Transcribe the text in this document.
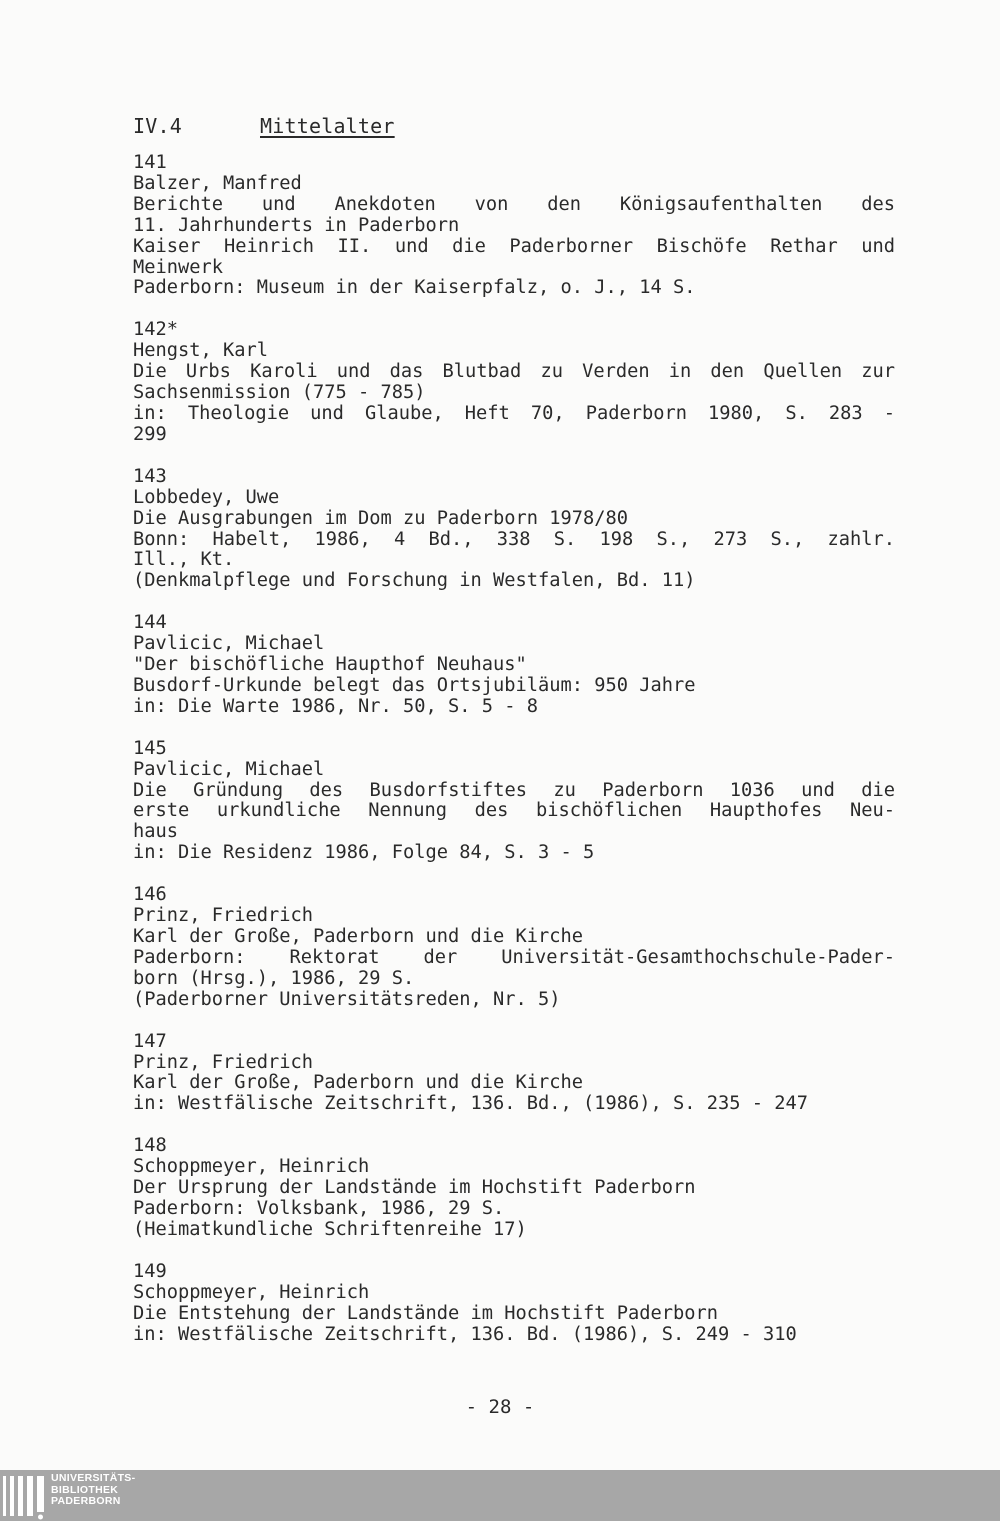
IV.4	Mittelalter
141
Balzer, Manfred
Berichte und Anekdoten von den Königsaufenthalten des
11. Jahrhunderts in Paderborn
Kaiser Heinrich II. und die Paderborner Bischöfe Rethar und
Meinwerk
Paderborn: Museum in der Kaiserpfalz, o. J., 14 S.
142*
Hengst, Karl
Die Urbs Karoli und das Blutbad zu Verden in den Quellen zur
Sachsenmission (775 - 785)
in: Theologie und Glaube, Heft 70, Paderborn 1980, S. 283 -
299
143
Lobbedey, Uwe
Die Ausgrabungen im Dom zu Paderborn 1978/80
Bonn: Habelt, 1986, 4 Bd., 338 S. 198 S., 273 S., zahlr.
Ill., Kt.
(Denkmalpflege und Forschung in Westfalen, Bd. 11)
144
Pavlicic, Michael
"Der bischöfliche Haupthof Neuhaus"
Busdorf-Urkunde belegt das Ortsjubiläum: 950 Jahre
in: Die Warte 1986, Nr. 50, S. 5 - 8
145
Pavlicic, Michael
Die Gründung des Busdorfstiftes zu Paderborn 1036 und die
erste urkundliche Nennung des bischöflichen Haupthofes Neu-
haus
in: Die Residenz 1986, Folge 84, S. 3 - 5
146
Prinz, Friedrich
Karl der Große, Paderborn und die Kirche
Paderborn: Rektorat der Universität-Gesamthochschule-Pader-
born (Hrsg.), 1986, 29 S.
(Paderborner Universitätsreden, Nr. 5)
147
Prinz, Friedrich
Karl der Große, Paderborn und die Kirche
in: Westfälische Zeitschrift, 136. Bd., (1986), S. 235 - 247
148
Schoppmeyer, Heinrich
Der Ursprung der Landstände im Hochstift Paderborn
Paderborn: Volksbank, 1986, 29 S.
(Heimatkundliche Schriftenreihe 17)
149
Schoppmeyer, Heinrich
Die Entstehung der Landstände im Hochstift Paderborn
in: Westfälische Zeitschrift, 136. Bd. (1986), S. 249 - 310
- 28 -
UNIVERSITÄTS-
BIBLIOTHEK
PADERBORN
